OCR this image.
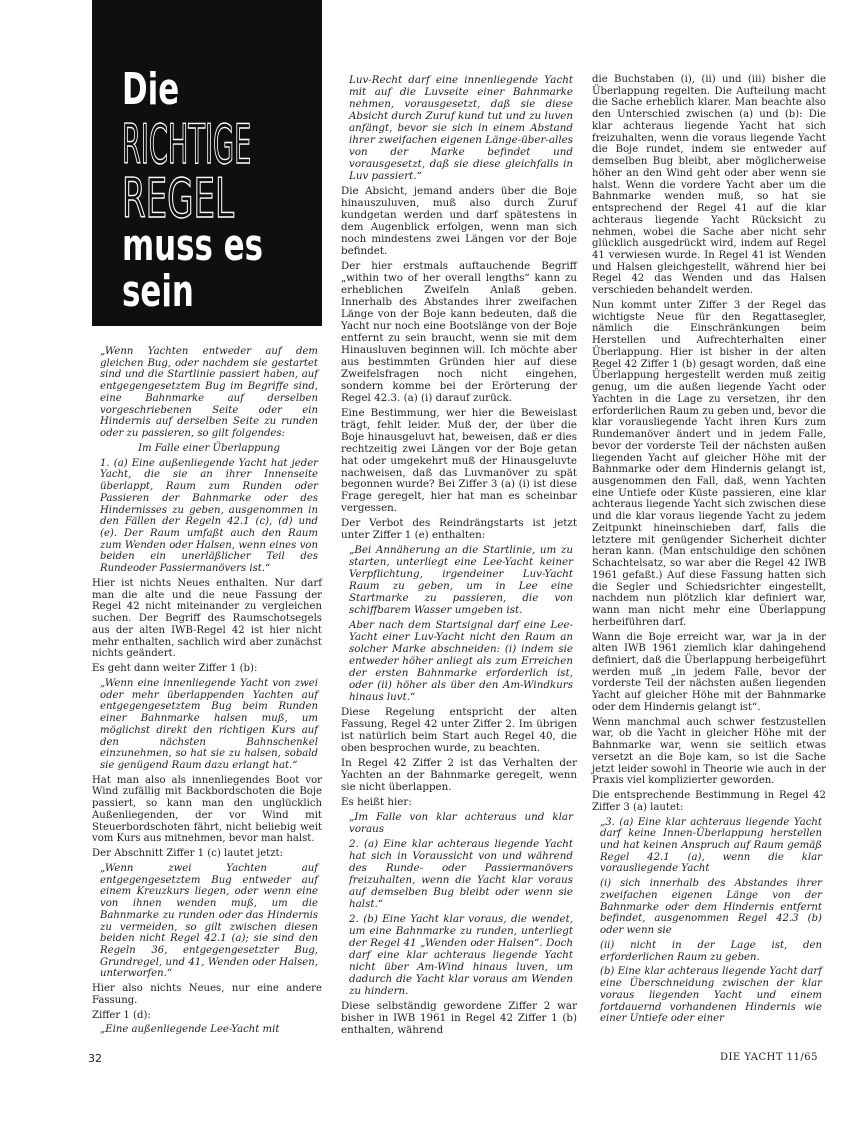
Die
RICHTIGE
REGEL
muss es
sein

„Wenn Yachten entweder auf dem gleichen Bug, oder nachdem sie gestartet sind und die Startlinie passiert haben, auf entgegengesetztem Bug im Begriffe sind, eine Bahnmarke auf derselben vorgeschriebenen Seite oder ein Hindernis auf derselben Seite zu runden oder zu passieren, so gilt folgendes:

Im Falle einer Überlappung

1. (a) Eine außenliegende Yacht hat jeder Yacht, die sie an ihrer Innenseite überlappt, Raum zum Runden oder Passieren der Bahnmarke oder des Hindernisses zu geben, ausgenommen in den Fällen der Regeln 42.1 (c), (d) und (e). Der Raum umfaßt auch den Raum zum Wenden oder Halsen, wenn eines von beiden ein unerläßlicher Teil des Rundeoder Passiermanövers ist.“

Hier ist nichts Neues enthalten. Nur darf man die alte und die neue Fassung der Regel 42 nicht miteinander zu vergleichen suchen. Der Begriff des Raumschotsegels aus der alten IWB-Regel 42 ist hier nicht mehr enthalten, sachlich wird aber zunächst nichts geändert.

Es geht dann weiter Ziffer 1 (b):

„Wenn eine innenliegende Yacht von zwei oder mehr überlappenden Yachten auf entgegengesetztem Bug beim Runden einer Bahnmarke halsen muß, um möglichst direkt den richtigen Kurs auf den nächsten Bahnschenkel einzunehmen, so hat sie zu halsen, sobald sie genügend Raum dazu erlangt hat.“

Hat man also als innenliegendes Boot vor Wind zufällig mit Backbordschoten die Boje passiert, so kann man den unglücklich Außenliegenden, der vor Wind mit Steuerbordschoten fährt, nicht beliebig weit vom Kurs aus mitnehmen, bevor man halst.

Der Abschnitt Ziffer 1 (c) lautet jetzt:

„Wenn zwei Yachten auf entgegengesetztem Bug entweder auf einem Kreuzkurs liegen, oder wenn eine von ihnen wenden muß, um die Bahnmarke zu runden oder das Hindernis zu vermeiden, so gilt zwischen diesen beiden nicht Regel 42.1 (a); sie sind den Regeln 36, entgegengesetzter Bug, Grundregel, und 41, Wenden oder Halsen, unterworfen.“

Hier also nichts Neues, nur eine andere Fassung.

Ziffer 1 (d):

„Eine außenliegende Lee-Yacht mit

Luv-Recht darf eine innenliegende Yacht mit auf die Luvseite einer Bahnmarke nehmen, vorausgesetzt, daß sie diese Absicht durch Zuruf kund tut und zu luven anfängt, bevor sie sich in einem Abstand ihrer zweifachen eigenen Länge-über-alles von der Marke befindet und vorausgesetzt, daß sie diese gleichfalls in Luv passiert.“

Die Absicht, jemand anders über die Boje hinauszuluven, muß also durch Zuruf kundgetan werden und darf spätestens in dem Augenblick erfolgen, wenn man sich noch mindestens zwei Längen vor der Boje befindet.

Der hier erstmals auftauchende Begriff „within two of her overall lengths“ kann zu erheblichen Zweifeln Anlaß geben. Innerhalb des Abstandes ihrer zweifachen Länge von der Boje kann bedeuten, daß die Yacht nur noch eine Bootslänge von der Boje entfernt zu sein braucht, wenn sie mit dem Hinausluven beginnen will. Ich möchte aber aus bestimmten Gründen hier auf diese Zweifelsfragen noch nicht eingehen, sondern komme bei der Erörterung der Regel 42.3. (a) (i) darauf zurück.

Eine Bestimmung, wer hier die Beweislast trägt, fehlt leider. Muß der, der über die Boje hinausgeluvt hat, beweisen, daß er dies rechtzeitig zwei Längen vor der Boje getan hat oder umgekehrt muß der Hinausgeluvte nachweisen, daß das Luvmanöver zu spät begonnen wurde? Bei Ziffer 3 (a) (i) ist diese Frage geregelt, hier hat man es scheinbar vergessen.

Der Verbot des Reindrängstarts ist jetzt unter Ziffer 1 (e) enthalten:

„Bei Annäherung an die Startlinie, um zu starten, unterliegt eine Lee-Yacht keiner Verpflichtung, irgendeiner Luv-Yacht Raum zu geben, um in Lee eine Startmarke zu passieren, die von schiffbarem Wasser umgeben ist.

Aber nach dem Startsignal darf eine Lee-Yacht einer Luv-Yacht nicht den Raum an solcher Marke abschneiden: (i) indem sie entweder höher anliegt als zum Erreichen der ersten Bahnmarke erforderlich ist, oder (ii) höher als über den Am-Windkurs hinaus luvt.“

Diese Regelung entspricht der alten Fassung, Regel 42 unter Ziffer 2. Im übrigen ist natürlich beim Start auch Regel 40, die oben besprochen wurde, zu beachten.

In Regel 42 Ziffer 2 ist das Verhalten der Yachten an der Bahnmarke geregelt, wenn sie nicht überlappen.

Es heißt hier:

„Im Falle von klar achteraus und klar voraus

2. (a) Eine klar achteraus liegende Yacht hat sich in Voraussicht von und während des Runde- oder Passiermanövers freizuhalten, wenn die Yacht klar voraus auf demselben Bug bleibt oder wenn sie halst.“

2. (b) Eine Yacht klar voraus, die wendet, um eine Bahnmarke zu runden, unterliegt der Regel 41 „Wenden oder Halsen“. Doch darf eine klar achteraus liegende Yacht nicht über Am-Wind hinaus luven, um dadurch die Yacht klar voraus am Wenden zu hindern.

Diese selbständig gewordene Ziffer 2 war bisher in IWB 1961 in Regel 42 Ziffer 1 (b) enthalten, während

die Buchstaben (i), (ii) und (iii) bisher die Überlappung regelten. Die Aufteilung macht die Sache erheblich klarer. Man beachte also den Unterschied zwischen (a) und (b): Die klar achteraus liegende Yacht hat sich freizuhalten, wenn die voraus liegende Yacht die Boje rundet, indem sie entweder auf demselben Bug bleibt, aber möglicherweise höher an den Wind geht oder aber wenn sie halst. Wenn die vordere Yacht aber um die Bahnmarke wenden muß, so hat sie entsprechend der Regel 41 auf die klar achteraus liegende Yacht Rücksicht zu nehmen, wobei die Sache aber nicht sehr glücklich ausgedrückt wird, indem auf Regel 41 verwiesen wurde. In Regel 41 ist Wenden und Halsen gleichgestellt, während hier bei Regel 42 das Wenden und das Halsen verschieden behandelt werden.

Nun kommt unter Ziffer 3 der Regel das wichtigste Neue für den Regattasegler, nämlich die Einschränkungen beim Herstellen und Aufrechterhalten einer Überlappung. Hier ist bisher in der alten Regel 42 Ziffer 1 (b) gesagt worden, daß eine Überlappung hergestellt werden muß zeitig genug, um die außen liegende Yacht oder Yachten in die Lage zu versetzen, ihr den erforderlichen Raum zu geben und, bevor die klar vorausliegende Yacht ihren Kurs zum Rundemanöver ändert und in jedem Falle, bevor der vorderste Teil der nächsten außen liegenden Yacht auf gleicher Höhe mit der Bahnmarke oder dem Hindernis gelangt ist, ausgenommen den Fall, daß, wenn Yachten eine Untiefe oder Küste passieren, eine klar achteraus liegende Yacht sich zwischen diese und die klar voraus liegende Yacht zu jedem Zeitpunkt hineinschieben darf, falls die letztere mit genügender Sicherheit dichter heran kann. (Man entschuldige den schönen Schachtelsatz, so war aber die Regel 42 IWB 1961 gefaßt.) Auf diese Fassung hatten sich die Segler und Schiedsrichter eingestellt, nachdem nun plötzlich klar definiert war, wann man nicht mehr eine Überlappung herbeiführen darf.

Wann die Boje erreicht war, war ja in der alten IWB 1961 ziemlich klar dahingehend definiert, daß die Überlappung herbeigeführt werden muß „in jedem Falle, bevor der vorderste Teil der nächsten außen liegenden Yacht auf gleicher Höhe mit der Bahnmarke oder dem Hindernis gelangt ist“.

Wenn manchmal auch schwer festzustellen war, ob die Yacht in gleicher Höhe mit der Bahnmarke war, wenn sie seitlich etwas versetzt an die Boje kam, so ist die Sache jetzt leider sowohl in Theorie wie auch in der Praxis viel komplizierter geworden.

Die entsprechende Bestimmung in Regel 42 Ziffer 3 (a) lautet:

„3. (a) Eine klar achteraus liegende Yacht darf keine Innen-Überlappung herstellen und hat keinen Anspruch auf Raum gemäß Regel 42.1 (a), wenn die klar vorausliegende Yacht

(i) sich innerhalb des Abstandes ihrer zweifachen eigenen Länge von der Bahnmarke oder dem Hindernis entfernt befindet, ausgenommen Regel 42.3 (b) oder wenn sie

(ii) nicht in der Lage ist, den erforderlichen Raum zu geben.

(b) Eine klar achteraus liegende Yacht darf eine Überschneidung zwischen der klar voraus liegenden Yacht und einem fortdauernd vorhandenen Hindernis wie einer Untiefe oder einer

32	DIE YACHT 11/65
